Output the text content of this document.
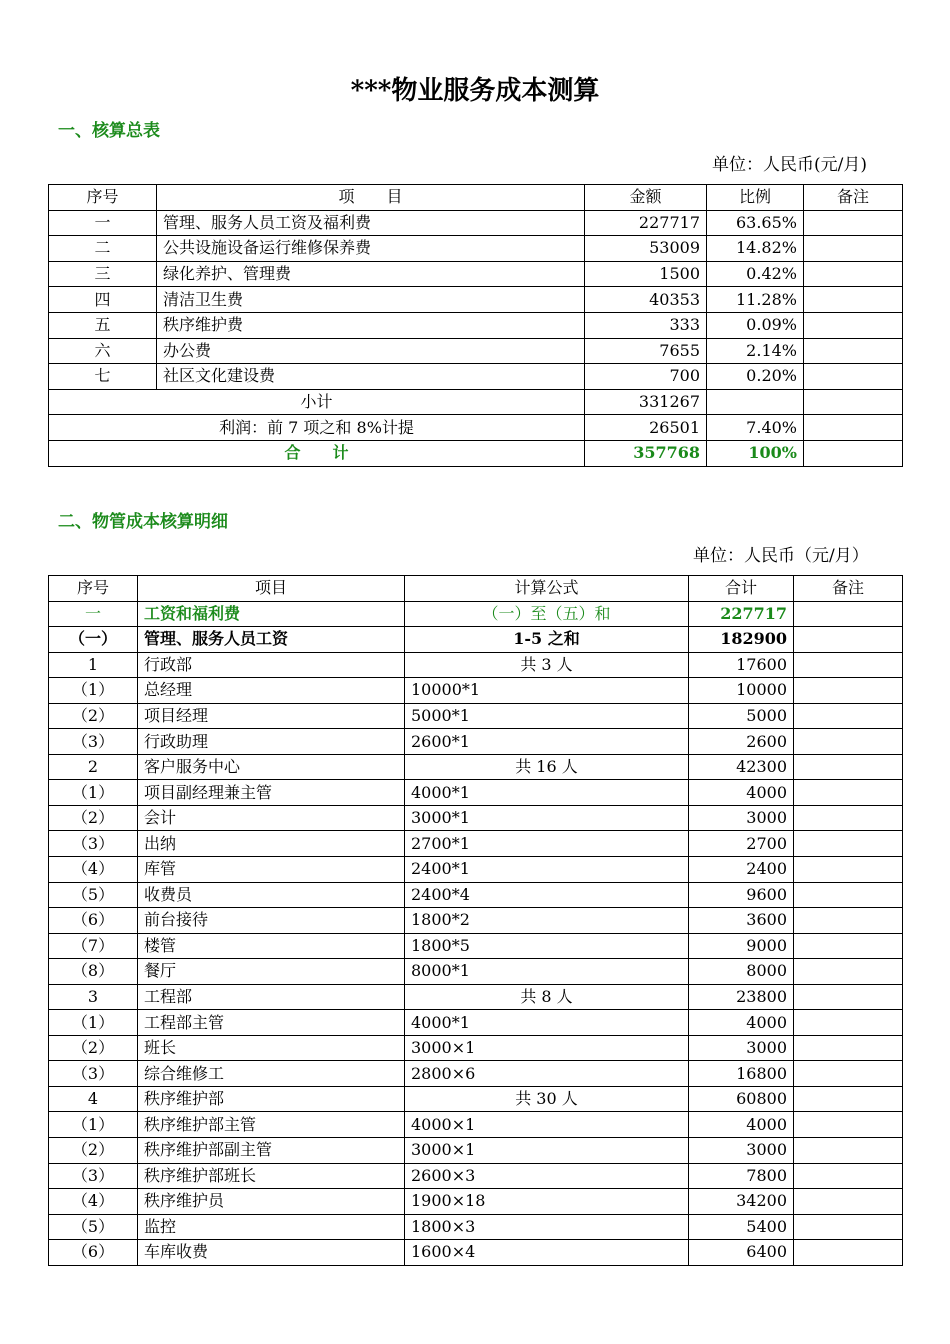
***物业服务成本测算
一、核算总表
单位：人民币(元/月)
序号	项　　目	金额	比例	备注
一	管理、服务人员工资及福利费	227717	63.65%	
二	公共设施设备运行维修保养费	53009	14.82%	
三	绿化养护、管理费	1500	0.42%	
四	清洁卫生费	40353	11.28%	
五	秩序维护费	333	0.09%	
六	办公费	7655	2.14%	
七	社区文化建设费	700	0.20%	
小计		331267		
利润：前 7 项之和 8%计提		26501	7.40%	
合　　计		357768	100%	
二、物管成本核算明细
单位：人民币（元/月）
序号	项目	计算公式	合计	备注
一	工资和福利费	（一）至（五）和	227717	
（一）	管理、服务人员工资	1-5 之和	182900	
1	行政部	共 3 人	17600	
（1）	总经理	10000*1	10000	
（2）	项目经理	5000*1	5000	
（3）	行政助理	2600*1	2600	
2	客户服务中心	共 16 人	42300	
（1）	项目副经理兼主管	4000*1	4000	
（2）	会计	3000*1	3000	
（3）	出纳	2700*1	2700	
（4）	库管	2400*1	2400	
（5）	收费员	2400*4	9600	
（6）	前台接待	1800*2	3600	
（7）	楼管	1800*5	9000	
（8）	餐厅	8000*1	8000	
3	工程部	共 8 人	23800	
（1）	工程部主管	4000*1	4000	
（2）	班长	3000×1	3000	
（3）	综合维修工	2800×6	16800	
4	秩序维护部	共 30 人	60800	
（1）	秩序维护部主管	4000×1	4000	
（2）	秩序维护部副主管	3000×1	3000	
（3）	秩序维护部班长	2600×3	7800	
（4）	秩序维护员	1900×18	34200	
（5）	监控	1800×3	5400	
（6）	车库收费	1600×4	6400	
